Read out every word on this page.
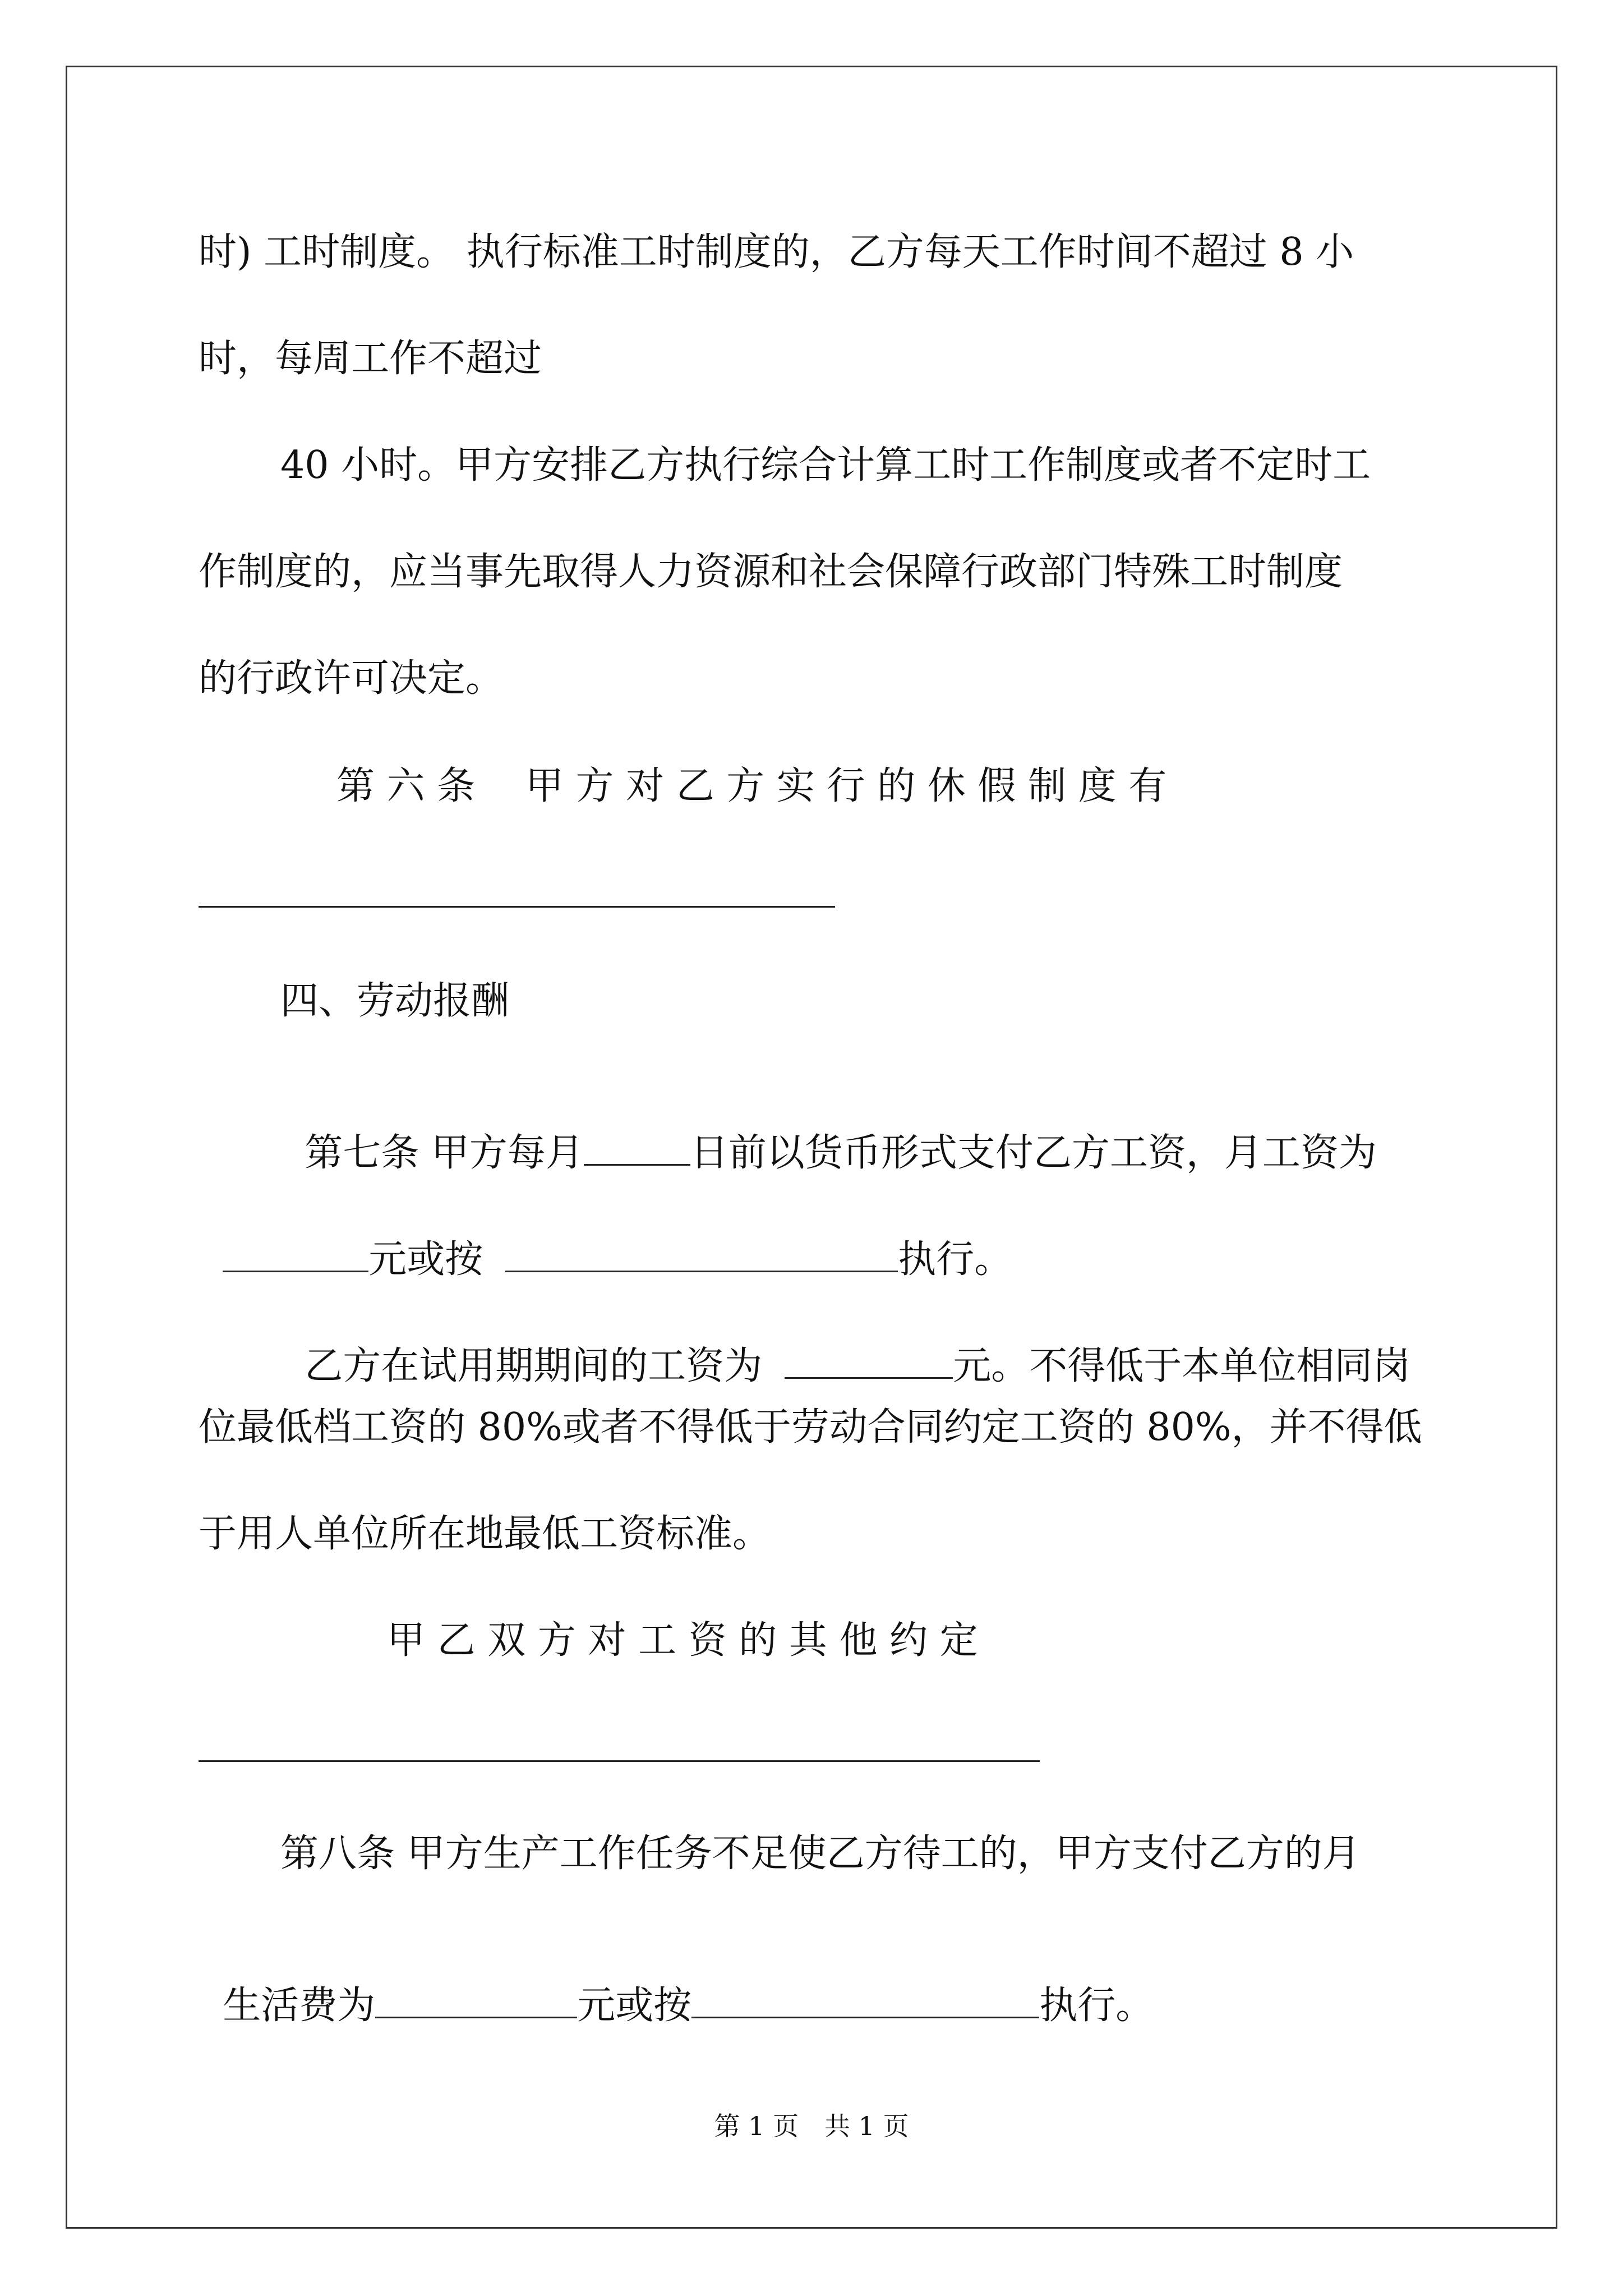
时) 工时制度。 执行标准工时制度的，乙方每天工作时间不超过 8 小
时，每周工作不超过
40 小时。甲方安排乙方执行综合计算工时工作制度或者不定时工
作制度的，应当事先取得人力资源和社会保障行政部门特殊工时制度
的行政许可决定。
第 六 条　 甲 方 对 乙 方 实 行 的 休 假 制 度 有
四、劳动报酬

第七条 甲方每月	日前以货币形式支付乙方工资，月工资为

元或按	执行。

乙方在试用期期间的工资为	元。不得低于本单位相同岗

位最低档工资的 80%或者不得低于劳动合同约定工资的 80%，并不得低
于用人单位所在地最低工资标准。
甲 乙 双 方 对 工 资 的 其 他 约 定
第八条 甲方生产工作任务不足使乙方待工的，甲方支付乙方的月

生活费为	元或按	执行。

第 1 页　共 1 页
